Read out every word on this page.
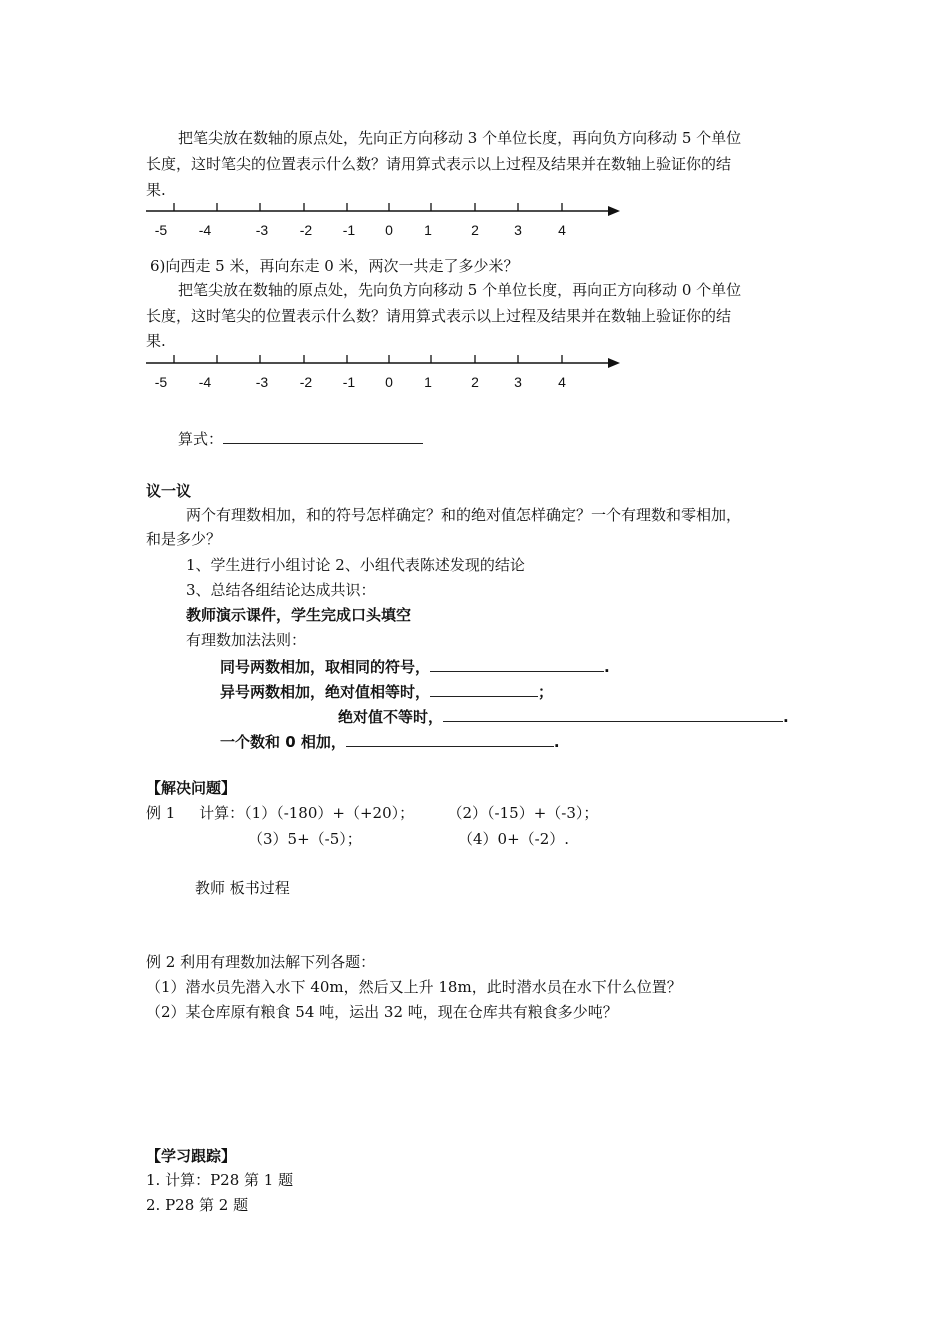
把笔尖放在数轴的原点处，先向正方向移动 3 个单位长度，再向负方向移动 5 个单位
长度，这时笔尖的位置表示什么数？请用算式表示以上过程及结果并在数轴上验证你的结
果.
-5 -4	-3 -2 -1 0 1	2	3	4
6)向西走 5 米，再向东走 0 米，两次一共走了多少米？
把笔尖放在数轴的原点处，先向负方向移动 5 个单位长度，再向正方向移动 0 个单位
长度，这时笔尖的位置表示什么数？请用算式表示以上过程及结果并在数轴上验证你的结
果.
-5 -4	-3 -2 -1 0 1	2	3	4
算式：
议一议
两个有理数相加，和的符号怎样确定？和的绝对值怎样确定？一个有理数和零相加，
和是多少？
1、学生进行小组讨论 2、小组代表陈述发现的结论
3、总结各组结论达成共识：
教师演示课件，学生完成口头填空
有理数加法法则：
同号两数相加，取相同的符号，	.
异号两数相加，绝对值相等时，	；
绝对值不等时，	.
一个数和 0 相加，	.
【解决问题】
例 1     计算：（1）（-180）+（+20）；       （2）（-15）+（-3）；
（3）5+（-5）；	（4）0+（-2）.
教师 板书过程
例 2 利用有理数加法解下列各题：
（1）潜水员先潜入水下 40m，然后又上升 18m，此时潜水员在水下什么位置？
（2）某仓库原有粮食 54 吨，运出 32 吨，现在仓库共有粮食多少吨？
【学习跟踪】
1. 计算：P28 第 1 题
2. P28 第 2 题
